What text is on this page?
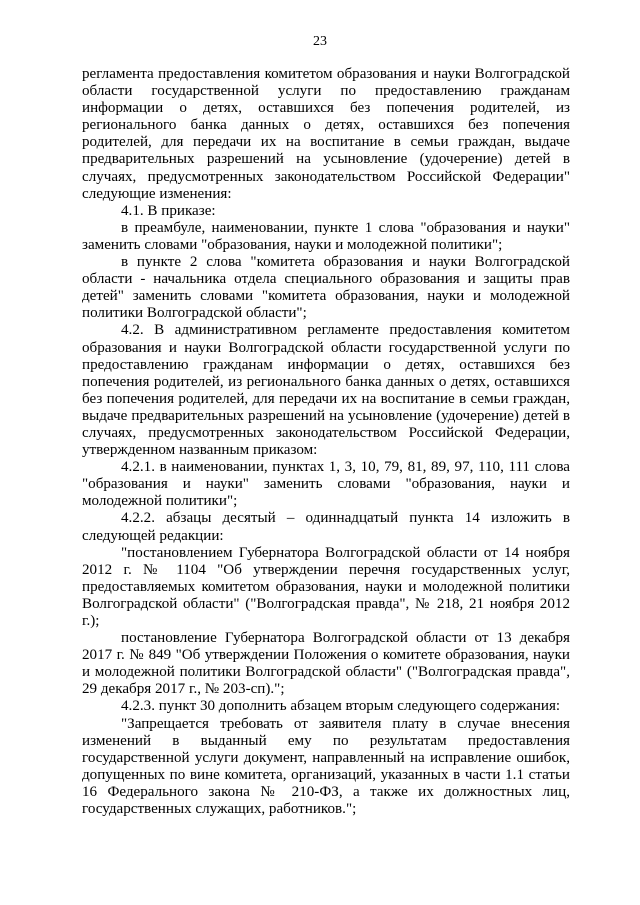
23

регламента предоставления комитетом образования и науки Волгоградской области государственной услуги по предоставлению гражданам информации о детях, оставшихся без попечения родителей, из регионального банка данных о детях, оставшихся без попечения родителей, для передачи их на воспитание в семьи граждан, выдаче предварительных разрешений на усыновление (удочерение) детей в случаях, предусмотренных законодательством Российской Федерации" следующие изменения:

4.1. В приказе:

в преамбуле, наименовании, пункте 1 слова "образования и науки" заменить словами "образования, науки и молодежной политики";

в пункте 2 слова "комитета образования и науки Волгоградской области - начальника отдела специального образования и защиты прав детей" заменить словами "комитета образования, науки и молодежной политики Волгоградской области";

4.2. В административном регламенте предоставления комитетом образования и науки Волгоградской области государственной услуги по предоставлению гражданам информации о детях, оставшихся без попечения родителей, из регионального банка данных о детях, оставшихся без попечения родителей, для передачи их на воспитание в семьи граждан, выдаче предварительных разрешений на усыновление (удочерение) детей в случаях, предусмотренных законодательством Российской Федерации, утвержденном названным приказом:

4.2.1. в наименовании, пунктах 1, 3, 10, 79, 81, 89, 97, 110, 111 слова "образования и науки" заменить словами "образования, науки и молодежной политики";

4.2.2. абзацы десятый – одиннадцатый пункта 14 изложить в следующей редакции:

"постановлением Губернатора Волгоградской области от 14 ноября 2012 г. № 1104 "Об утверждении перечня государственных услуг, предоставляемых комитетом образования, науки и молодежной политики Волгоградской области" ("Волгоградская правда", № 218, 21 ноября 2012 г.);

постановление Губернатора Волгоградской области от 13 декабря 2017 г. № 849 "Об утверждении Положения о комитете образования, науки и молодежной политики Волгоградской области" ("Волгоградская правда", 29 декабря 2017 г., № 203-сп).";

4.2.3. пункт 30 дополнить абзацем вторым следующего содержания:

"Запрещается требовать от заявителя плату в случае внесения изменений в выданный ему по результатам предоставления государственной услуги документ, направленный на исправление ошибок, допущенных по вине комитета, организаций, указанных в части 1.1 статьи 16 Федерального закона № 210-ФЗ, а также их должностных лиц, государственных служащих, работников.";
